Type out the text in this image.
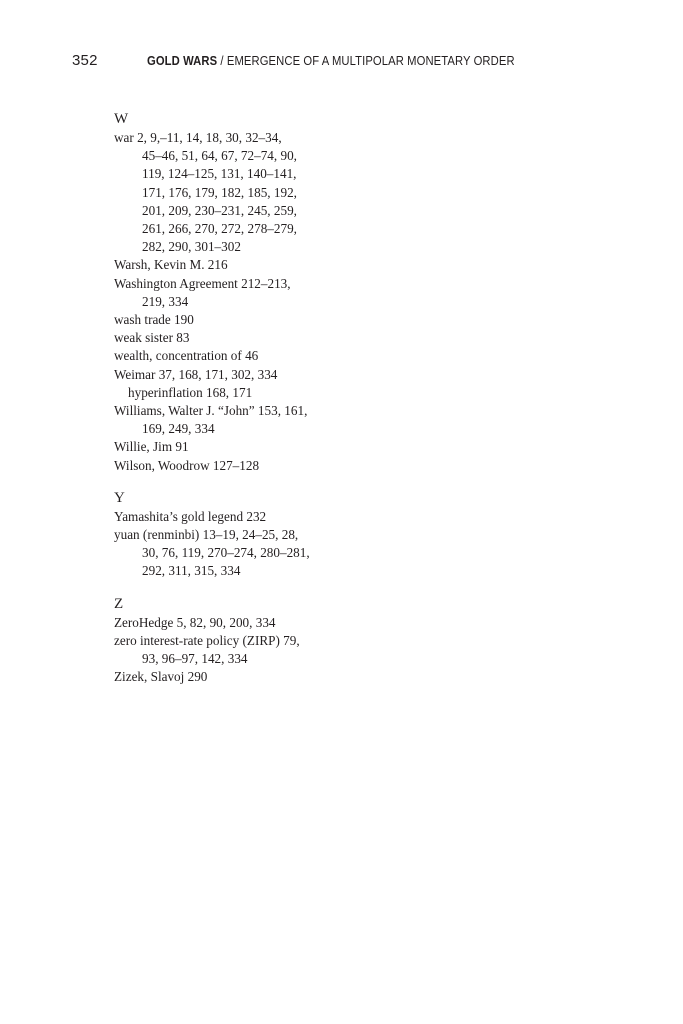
352	GOLD WARS / EMERGENCE OF A MULTIPOLAR MONETARY ORDER
W
war 2, 9,–11, 14, 18, 30, 32–34,
45–46, 51, 64, 67, 72–74, 90,
119, 124–125, 131, 140–141,
171, 176, 179, 182, 185, 192,
201, 209, 230–231, 245, 259,
261, 266, 270, 272, 278–279,
282, 290, 301–302
Warsh, Kevin M. 216
Washington Agreement 212–213,
219, 334
wash trade 190
weak sister 83
wealth, concentration of 46
Weimar 37, 168, 171, 302, 334
hyperinflation 168, 171
Williams, Walter J. “John” 153, 161,
169, 249, 334
Willie, Jim 91
Wilson, Woodrow 127–128
Y
Yamashita’s gold legend 232
yuan (renminbi) 13–19, 24–25, 28,
30, 76, 119, 270–274, 280–281,
292, 311, 315, 334
Z
ZeroHedge 5, 82, 90, 200, 334
zero interest-rate policy (ZIRP) 79,
93, 96–97, 142, 334
Zizek, Slavoj 290
